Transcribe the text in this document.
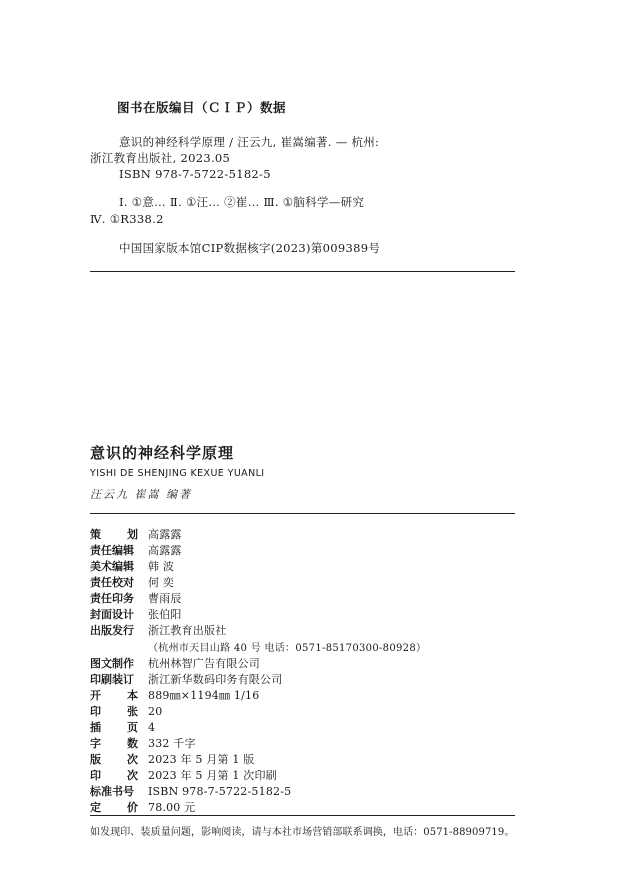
图书在版编目（ＣＩＰ）数据
意识的神经科学原理 / 汪云九, 崔嵩编著. — 杭州:
浙江教育出版社, 2023.05
ISBN 978-7-5722-5182-5
Ⅰ. ①意… Ⅱ. ①汪… ②崔… Ⅲ. ①脑科学—研究
Ⅳ. ①R338.2
中国国家版本馆CIP数据核字(2023)第009389号
意识的神经科学原理
YISHI DE SHENJING KEXUE YUANLI
汪云九 崔嵩 编著
策 划 高露露
责任编辑 高露露
美术编辑 韩 波
责任校对 何 奕
责任印务 曹雨辰
封面设计 张伯阳
出版发行 浙江教育出版社
图文制作 杭州林智广告有限公司
印刷装订 浙江新华数码印务有限公司
开 本 889㎜×1194㎜ 1/16
印 张 20
插 页 4
字 数 332 千字
版 次 2023 年 5 月第 1 版
印 次 2023 年 5 月第 1 次印刷
标准书号 ISBN 978-7-5722-5182-5
定 价 78.00 元
（杭州市天目山路 40 号 电话：0571-85170300-80928）
如发现印、装质量问题，影响阅读，请与本社市场营销部联系调换，电话：0571-88909719。
